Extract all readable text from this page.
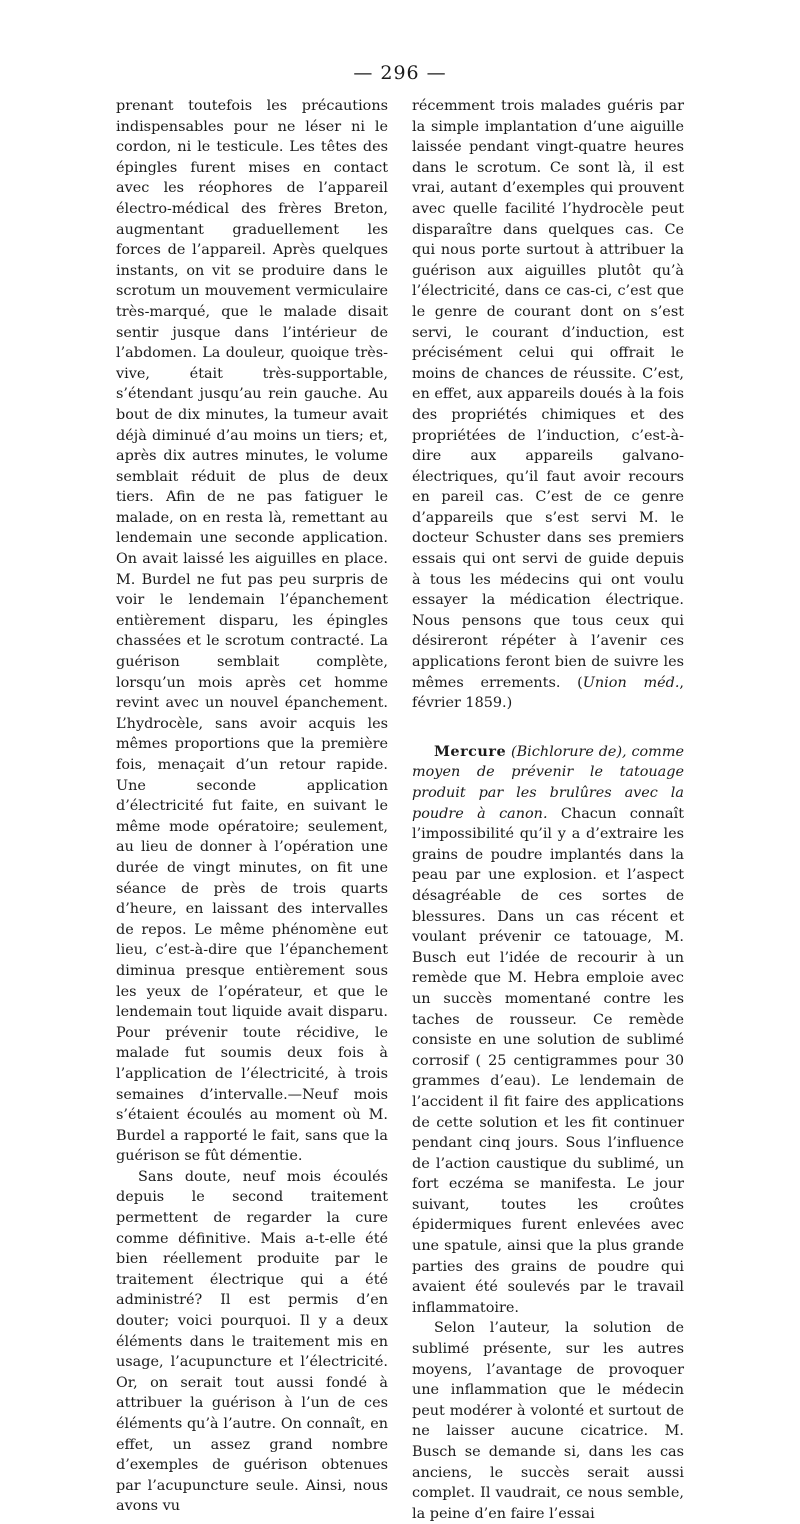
— 296 —

prenant toutefois les précautions indispensables pour ne léser ni le cordon, ni le testicule. Les têtes des épingles furent mises en contact avec les réophores de l’appareil électro-médical des frères Breton, augmentant graduellement les forces de l’appareil. Après quelques instants, on vit se produire dans le scrotum un mouvement vermiculaire très-marqué, que le malade disait sentir jusque dans l’intérieur de l’abdomen. La douleur, quoique très-vive, était très-supportable, s’étendant jusqu’au rein gauche. Au bout de dix minutes, la tumeur avait déjà diminué d’au moins un tiers; et, après dix autres minutes, le volume semblait réduit de plus de deux tiers. Afin de ne pas fatiguer le malade, on en resta là, remettant au lendemain une seconde application. On avait laissé les aiguilles en place. M. Burdel ne fut pas peu surpris de voir le lendemain l’épanchement entièrement disparu, les épingles chassées et le scrotum contracté. La guérison semblait complète, lorsqu’un mois après cet homme revint avec un nouvel épanchement. L’hydrocèle, sans avoir acquis les mêmes proportions que la première fois, menaçait d’un retour rapide. Une seconde application d’électricité fut faite, en suivant le même mode opératoire; seulement, au lieu de donner à l’opération une durée de vingt minutes, on fit une séance de près de trois quarts d’heure, en laissant des intervalles de repos. Le même phénomène eut lieu, c’est-à-dire que l’épanchement diminua presque entièrement sous les yeux de l’opérateur, et que le lendemain tout liquide avait disparu. Pour prévenir toute récidive, le malade fut soumis deux fois à l’application de l’électricité, à trois semaines d’intervalle.—Neuf mois s’étaient écoulés au moment où M. Burdel a rapporté le fait, sans que la guérison se fût démentie.

Sans doute, neuf mois écoulés depuis le second traitement permettent de regarder la cure comme définitive. Mais a-t-elle été bien réellement produite par le traitement électrique qui a été administré? Il est permis d’en douter; voici pourquoi. Il y a deux éléments dans le traitement mis en usage, l’acupuncture et l’électricité. Or, on serait tout aussi fondé à attribuer la guérison à l’un de ces éléments qu’à l’autre. On connaît, en effet, un assez grand nombre d’exemples de guérison obtenues par l’acupuncture seule. Ainsi, nous avons vu

récemment trois malades guéris par la simple implantation d’une aiguille laissée pendant vingt-quatre heures dans le scrotum. Ce sont là, il est vrai, autant d’exemples qui prouvent avec quelle facilité l’hydrocèle peut disparaître dans quelques cas. Ce qui nous porte surtout à attribuer la guérison aux aiguilles plutôt qu’à l’électricité, dans ce cas-ci, c’est que le genre de courant dont on s’est servi, le courant d’induction, est précisément celui qui offrait le moins de chances de réussite. C’est, en effet, aux appareils doués à la fois des propriétés chimiques et des propriétées de l’induction, c’est-à-dire aux appareils galvano-électriques, qu’il faut avoir recours en pareil cas. C’est de ce genre d’appareils que s’est servi M. le docteur Schuster dans ses premiers essais qui ont servi de guide depuis à tous les médecins qui ont voulu essayer la médication électrique. Nous pensons que tous ceux qui désireront répéter à l’avenir ces applications feront bien de suivre les mêmes errements. (Union méd., février 1859.)

Mercure (Bichlorure de), comme moyen de prévenir le tatouage produit par les brulûres avec la poudre à canon. Chacun connaît l’impossibilité qu’il y a d’extraire les grains de poudre implantés dans la peau par une explosion. et l’aspect désagréable de ces sortes de blessures. Dans un cas récent et voulant prévenir ce tatouage, M. Busch eut l’idée de recourir à un remède que M. Hebra emploie avec un succès momentané contre les taches de rousseur. Ce remède consiste en une solution de sublimé corrosif ( 25 centigrammes pour 30 grammes d’eau). Le lendemain de l’accident il fit faire des applications de cette solution et les fit continuer pendant cinq jours. Sous l’influence de l’action caustique du sublimé, un fort eczéma se manifesta. Le jour suivant, toutes les croûtes épidermiques furent enlevées avec une spatule, ainsi que la plus grande parties des grains de poudre qui avaient été soulevés par le travail inflammatoire.

Selon l’auteur, la solution de sublimé présente, sur les autres moyens, l’avantage de provoquer une inflammation que le médecin peut modérer à volonté et surtout de ne laisser aucune cicatrice. M. Busch se demande si, dans les cas anciens, le succès serait aussi complet. Il vaudrait, ce nous semble, la peine d’en faire l’essai
